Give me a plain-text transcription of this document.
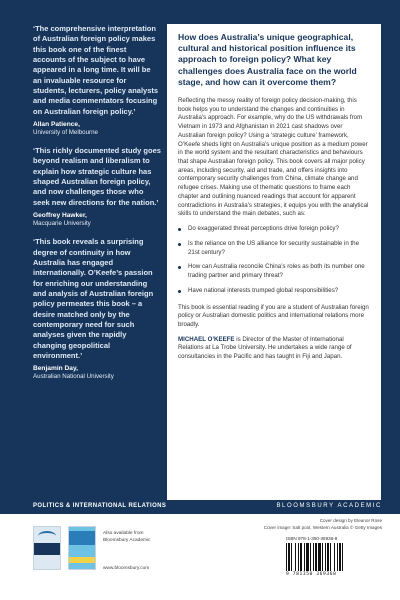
‘The comprehensive interpretation of Australian foreign policy makes this book one of the finest accounts of the subject to have appeared in a long time. It will be an invaluable resource for students, lecturers, policy analysts and media commentators focusing on Australian foreign policy.’

Allan Patience,

University of Melbourne

‘This richly documented study goes beyond realism and liberalism to explain how strategic culture has shaped Australian foreign policy, and now challenges those who seek new directions for the nation.’

Geoffrey Hawker,

Macquarie University

‘This book reveals a surprising degree of continuity in how Australia has engaged internationally. O’Keefe’s passion for enriching our understanding and analysis of Australian foreign policy permeates this book – a desire matched only by the contemporary need for such analyses given the rapidly changing geopolitical environment.’

Benjamin Day,

Australian National University

How does Australia’s unique geographical, cultural and historical position influence its approach to foreign policy? What key challenges does Australia face on the world stage, and how can it overcome them?

Reflecting the messy reality of foreign policy decision-making, this book helps you to understand the changes and continuities in Australia’s approach. For example, why do the US withdrawals from Vietnam in 1973 and Afghanistan in 2021 cast shadows over Australian foreign policy? Using a ‘strategic culture’ framework, O’Keefe sheds light on Australia’s unique position as a medium power in the world system and the resultant characteristics and behaviours that shape Australian foreign policy. This book covers all major policy areas, including security, aid and trade, and offers insights into contemporary security challenges from China, climate change and refugee crises. Making use of thematic questions to frame each chapter and outlining nuanced readings that account for apparent contradictions in Australia’s strategies, it equips you with the analytical skills to understand the main debates, such as:

Do exaggerated threat perceptions drive foreign policy?
Is the reliance on the US alliance for security sustainable in the 21st century?
How can Australia reconcile China’s roles as both its number one trading partner and primary threat?
Have national interests trumped global responsibilities?

This book is essential reading if you are a student of Australian foreign policy or Australian domestic politics and international relations more broadly.

MICHAEL O’KEEFE is Director of the Master of International Relations at La Trobe University. He undertakes a wide range of consultancies in the Pacific and has taught in Fiji and Japan.

POLITICS & INTERNATIONAL RELATIONS	BLOOMSBURY ACADEMIC
Cover design by Eleanor Rose
Cover image: Salt pool, Western Australia © Getty Images
Also available from Bloomsbury Academic
www.bloomsbury.com
ISBN 978-1-350-36936-8
9 781350 369368
